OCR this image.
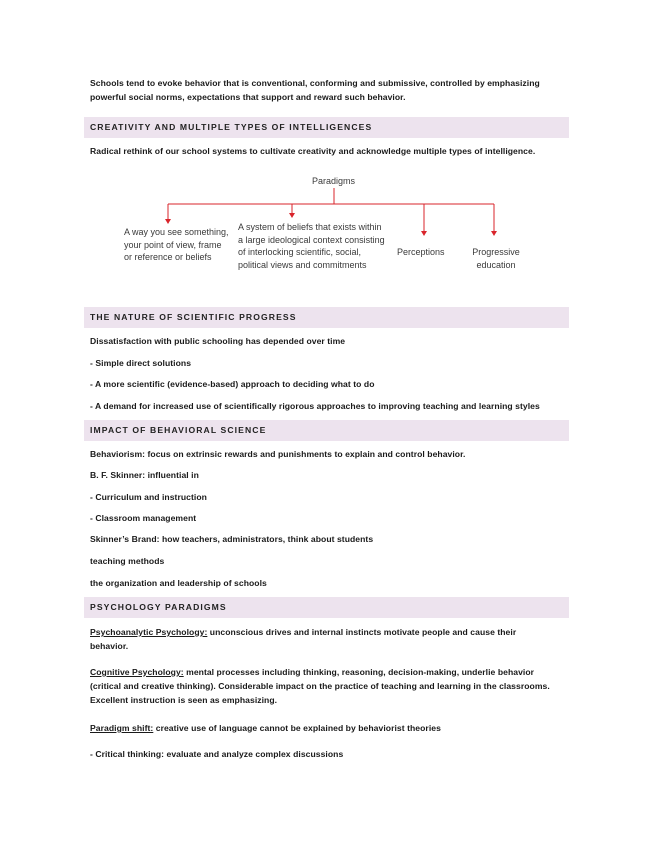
Schools tend to evoke behavior that is conventional, conforming and submissive, controlled by emphasizing powerful social norms, expectations that support and reward such behavior.
CREATIVITY AND MULTIPLE TYPES OF INTELLIGENCES
Radical rethink of our school systems to cultivate creativity and acknowledge multiple types of intelligence.
Paradigms
A way you see something, your point of view, frame or reference or beliefs
A system of beliefs that exists within a large ideological context consisting of interlocking scientific, social, political views and commitments
Perceptions	Progressive education
THE NATURE OF SCIENTIFIC PROGRESS
Dissatisfaction with public schooling has depended over time
- Simple direct solutions
- A more scientific (evidence-based) approach to deciding what to do
- A demand for increased use of scientifically rigorous approaches to improving teaching and learning styles
IMPACT OF BEHAVIORAL SCIENCE
Behaviorism: focus on extrinsic rewards and punishments to explain and control behavior.
B. F. Skinner: influential in
- Curriculum and instruction
- Classroom management
Skinner’s Brand: how teachers, administrators, think about students
teaching methods
the organization and leadership of schools
PSYCHOLOGY PARADIGMS
Psychoanalytic Psychology: unconscious drives and internal instincts motivate people and cause their behavior.
Cognitive Psychology: mental processes including thinking, reasoning, decision-making, underlie behavior (critical and creative thinking). Considerable impact on the practice of teaching and learning in the classrooms. Excellent instruction is seen as emphasizing.
Paradigm shift: creative use of language cannot be explained by behaviorist theories
- Critical thinking: evaluate and analyze complex discussions
